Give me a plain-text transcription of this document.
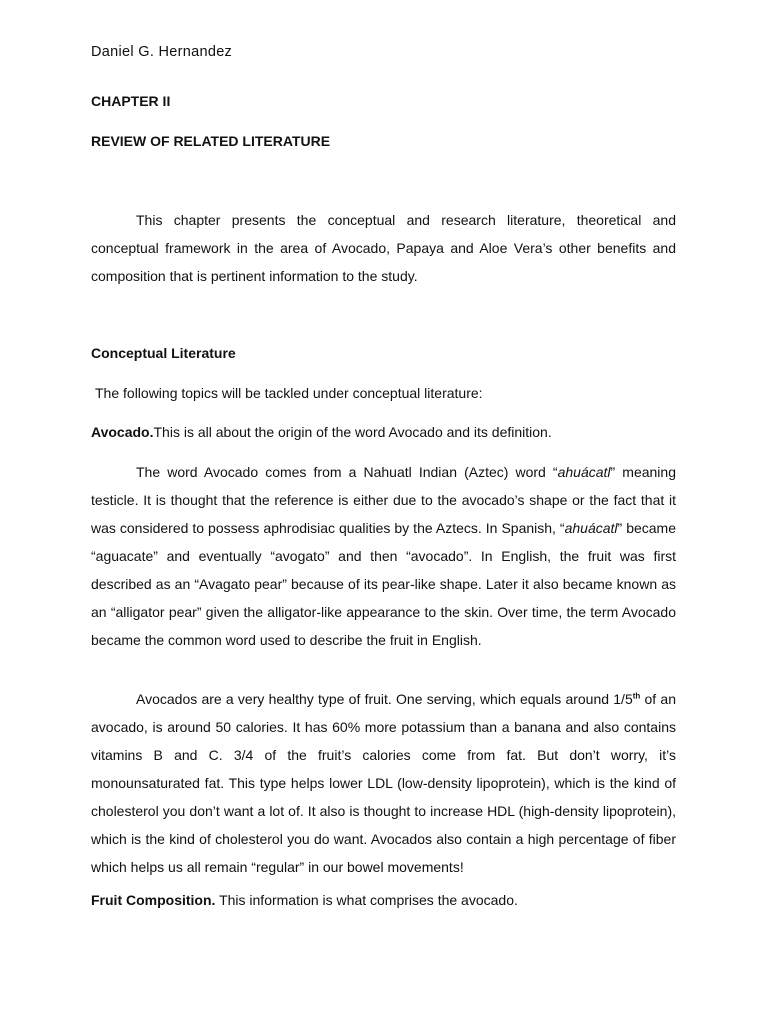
Daniel G. Hernandez
CHAPTER II
REVIEW OF RELATED LITERATURE

This chapter presents the conceptual and research literature, theoretical and conceptual framework in the area of Avocado, Papaya and Aloe Vera’s other benefits and composition that is pertinent information to the study.

Conceptual Literature
The following topics will be tackled under conceptual literature:
Avocado.This is all about the origin of the word Avocado and its definition.

The word Avocado comes from a Nahuatl Indian (Aztec) word “ahuácatl” meaning testicle. It is thought that the reference is either due to the avocado’s shape or the fact that it was considered to possess aphrodisiac qualities by the Aztecs. In Spanish, “ahuácatl” became “aguacate” and eventually “avogato” and then “avocado”. In English, the fruit was first described as an “Avagato pear” because of its pear-like shape. Later it also became known as an “alligator pear” given the alligator-like appearance to the skin. Over time, the term Avocado became the common word used to describe the fruit in English.

Avocados are a very healthy type of fruit. One serving, which equals around 1/5th of an avocado, is around 50 calories. It has 60% more potassium than a banana and also contains vitamins B and C. 3/4 of the fruit’s calories come from fat. But don’t worry, it’s monounsaturated fat. This type helps lower LDL (low-density lipoprotein), which is the kind of cholesterol you don’t want a lot of. It also is thought to increase HDL (high-density lipoprotein), which is the kind of cholesterol you do want. Avocados also contain a high percentage of fiber which helps us all remain “regular” in our bowel movements!

Fruit Composition. This information is what comprises the avocado.
